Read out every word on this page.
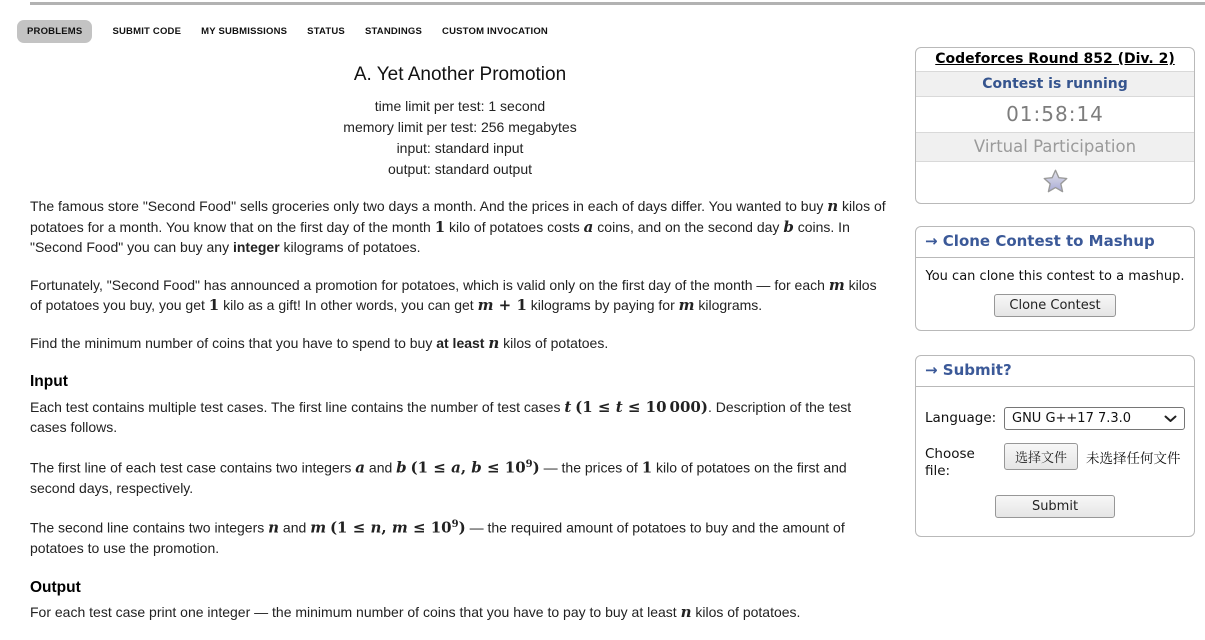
PROBLEMS	SUBMIT CODE MY SUBMISSIONS STATUS STANDINGS CUSTOM INVOCATION
A. Yet Another Promotion
time limit per test: 1 second
memory limit per test: 256 megabytes
input: standard input
output: standard output

The famous store "Second Food" sells groceries only two days a month. And the prices in each of days differ. You wanted to buy n kilos of potatoes for a month. You know that on the first day of the month 1 kilo of potatoes costs a coins, and on the second day b coins. In "Second Food" you can buy any integer kilograms of potatoes.

Fortunately, "Second Food" has announced a promotion for potatoes, which is valid only on the first day of the month — for each m kilos of potatoes you buy, you get 1 kilo as a gift! In other words, you can get m + 1 kilograms by paying for m kilograms.

Find the minimum number of coins that you have to spend to buy at least n kilos of potatoes.

Input

Each test contains multiple test cases. The first line contains the number of test cases t (1 ≤ t ≤ 10 000). Description of the test cases follows.

The first line of each test case contains two integers a and b (1 ≤ a, $b \le 10^9$) — the prices of 1 kilo of potatoes on the first and second days, respectively.

The second line contains two integers n and m (1 ≤ n, $m \le 10^9$) — the required amount of potatoes to buy and the amount of potatoes to use the promotion.

Output

For each test case print one integer — the minimum number of coins that you have to pay to buy at least n kilos of potatoes.

Codeforces Round 852 (Div. 2)
Contest is running
01:58:14
Virtual Participation
→ Clone Contest to Mashup
You can clone this contest to a mashup.
Clone Contest
→ Submit?
Language:	GNU G++17 7.3.0
Choose file:
选择文件	未选择任何文件
Submit
